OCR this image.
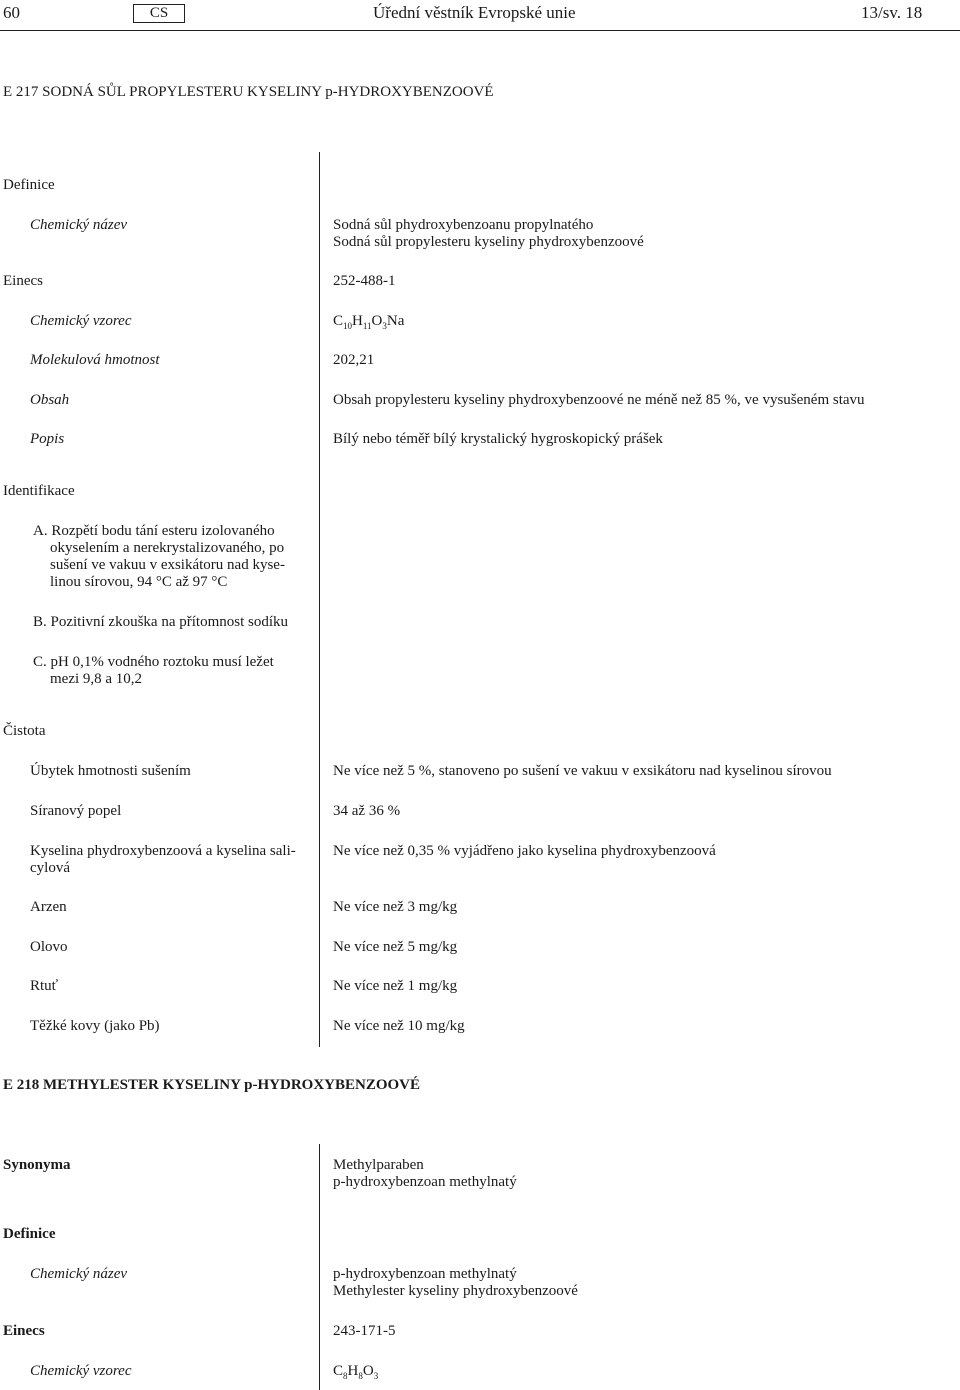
60	CS	Úřední věstník Evropské unie	13/sv. 18
E 217 SODNÁ SŮL PROPYLESTERU KYSELINY p-HYDROXYBENZOOVÉ
Definice
Chemický název	Sodná sůl phydroxybenzoanu propylnatého
Sodná sůl propylesteru kyseliny phydroxybenzoové
Einecs	252-488-1
Chemický vzorec	$C_{10}H_{11}O_3Na$
Molekulová hmotnost	202,21
Obsah	Obsah propylesteru kyseliny phydroxybenzoové ne méně než 85 %, ve vysušeném stavu
Popis	Bílý nebo téměř bílý krystalický hygroskopický prášek
Identifikace
A. Rozpětí bodu tání esteru izolovaného
okyselením a nerekrystalizovaného, po
sušení ve vakuu v exsikátoru nad kyse-
linou sírovou, 94 °C až 97 °C
B. Pozitivní zkouška na přítomnost sodíku
C. pH 0,1% vodného roztoku musí ležet
mezi 9,8 a 10,2
Čistota
Úbytek hmotnosti sušením	Ne více než 5 %, stanoveno po sušení ve vakuu v exsikátoru nad kyselinou sírovou
Síranový popel	34 až 36 %
Kyselina phydroxybenzoová a kyselina sali-
cylová
Ne více než 0,35 % vyjádřeno jako kyselina phydroxybenzoová
Arzen	Ne více než 3 mg/kg
Olovo	Ne více než 5 mg/kg
Rtuť	Ne více než 1 mg/kg
Těžké kovy (jako Pb)	Ne více než 10 mg/kg
E 218 METHYLESTER KYSELINY p-HYDROXYBENZOOVÉ
Synonyma	Methylparaben
p-hydroxybenzoan methylnatý
Definice
Chemický název	p-hydroxybenzoan methylnatý
Methylester kyseliny phydroxybenzoové
Einecs	243-171-5
Chemický vzorec	$C_8H_8O_3$
